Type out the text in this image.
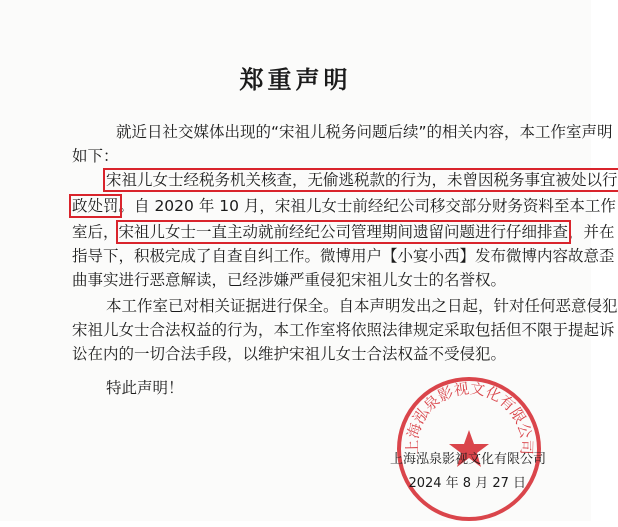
郑重声明
就近日社交媒体出现的“宋祖儿税务问题后续”的相关内容，本工作室声明
如下：
宋祖儿女士经税务机关核查，无偷逃税款的行为，未曾因税务事宜被处以行
政处罚。自 2020 年 10 月，宋祖儿女士前经纪公司移交部分财务资料至本工作
室后，宋祖儿女士一直主动就前经纪公司管理期间遗留问题进行仔细排查，并在
指导下，积极完成了自查自纠工作。微博用户【小宴小西】发布微博内容故意歪
曲事实进行恶意解读，已经涉嫌严重侵犯宋祖儿女士的名誉权。
本工作室已对相关证据进行保全。自本声明发出之日起，针对任何恶意侵犯
宋祖儿女士合法权益的行为，本工作室将依照法律规定采取包括但不限于提起诉
讼在内的一切合法手段，以维护宋祖儿女士合法权益不受侵犯。
特此声明！
上海泓泉影视文化有限公司
上海泓泉影视文化有限公司
2024 年 8 月 27 日
